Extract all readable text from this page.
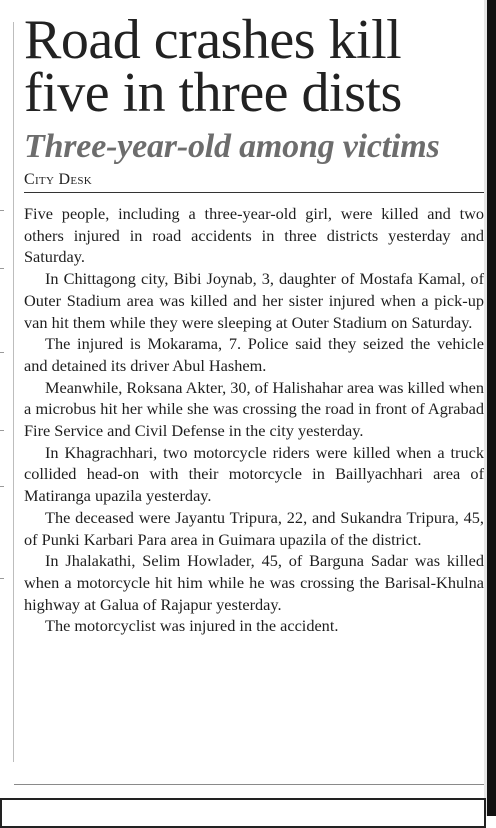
Road crashes kill five in three dists
Three-year-old among victims
City Desk

Five people, including a three-year-old girl, were killed and two others injured in road accidents in three districts yesterday and Saturday.

In Chittagong city, Bibi Joynab, 3, daughter of Mostafa Kamal, of Outer Stadium area was killed and her sister injured when a pick-up van hit them while they were sleeping at Outer Stadium on Saturday.

The injured is Mokarama, 7. Police said they seized the vehicle and detained its driver Abul Hashem.

Meanwhile, Roksana Akter, 30, of Halishahar area was killed when a microbus hit her while she was crossing the road in front of Agrabad Fire Service and Civil Defense in the city yesterday.

In Khagrachhari, two motorcycle riders were killed when a truck collided head-on with their motorcycle in Baillyachhari area of Matiranga upazila yesterday.

The deceased were Jayantu Tripura, 22, and Sukandra Tripura, 45, of Punki Karbari Para area in Guimara upazila of the district.

In Jhalakathi, Selim Howlader, 45, of Barguna Sadar was killed when a motorcycle hit him while he was crossing the Barisal-Khulna highway at Galua of Rajapur yesterday.

The motorcyclist was injured in the accident.
